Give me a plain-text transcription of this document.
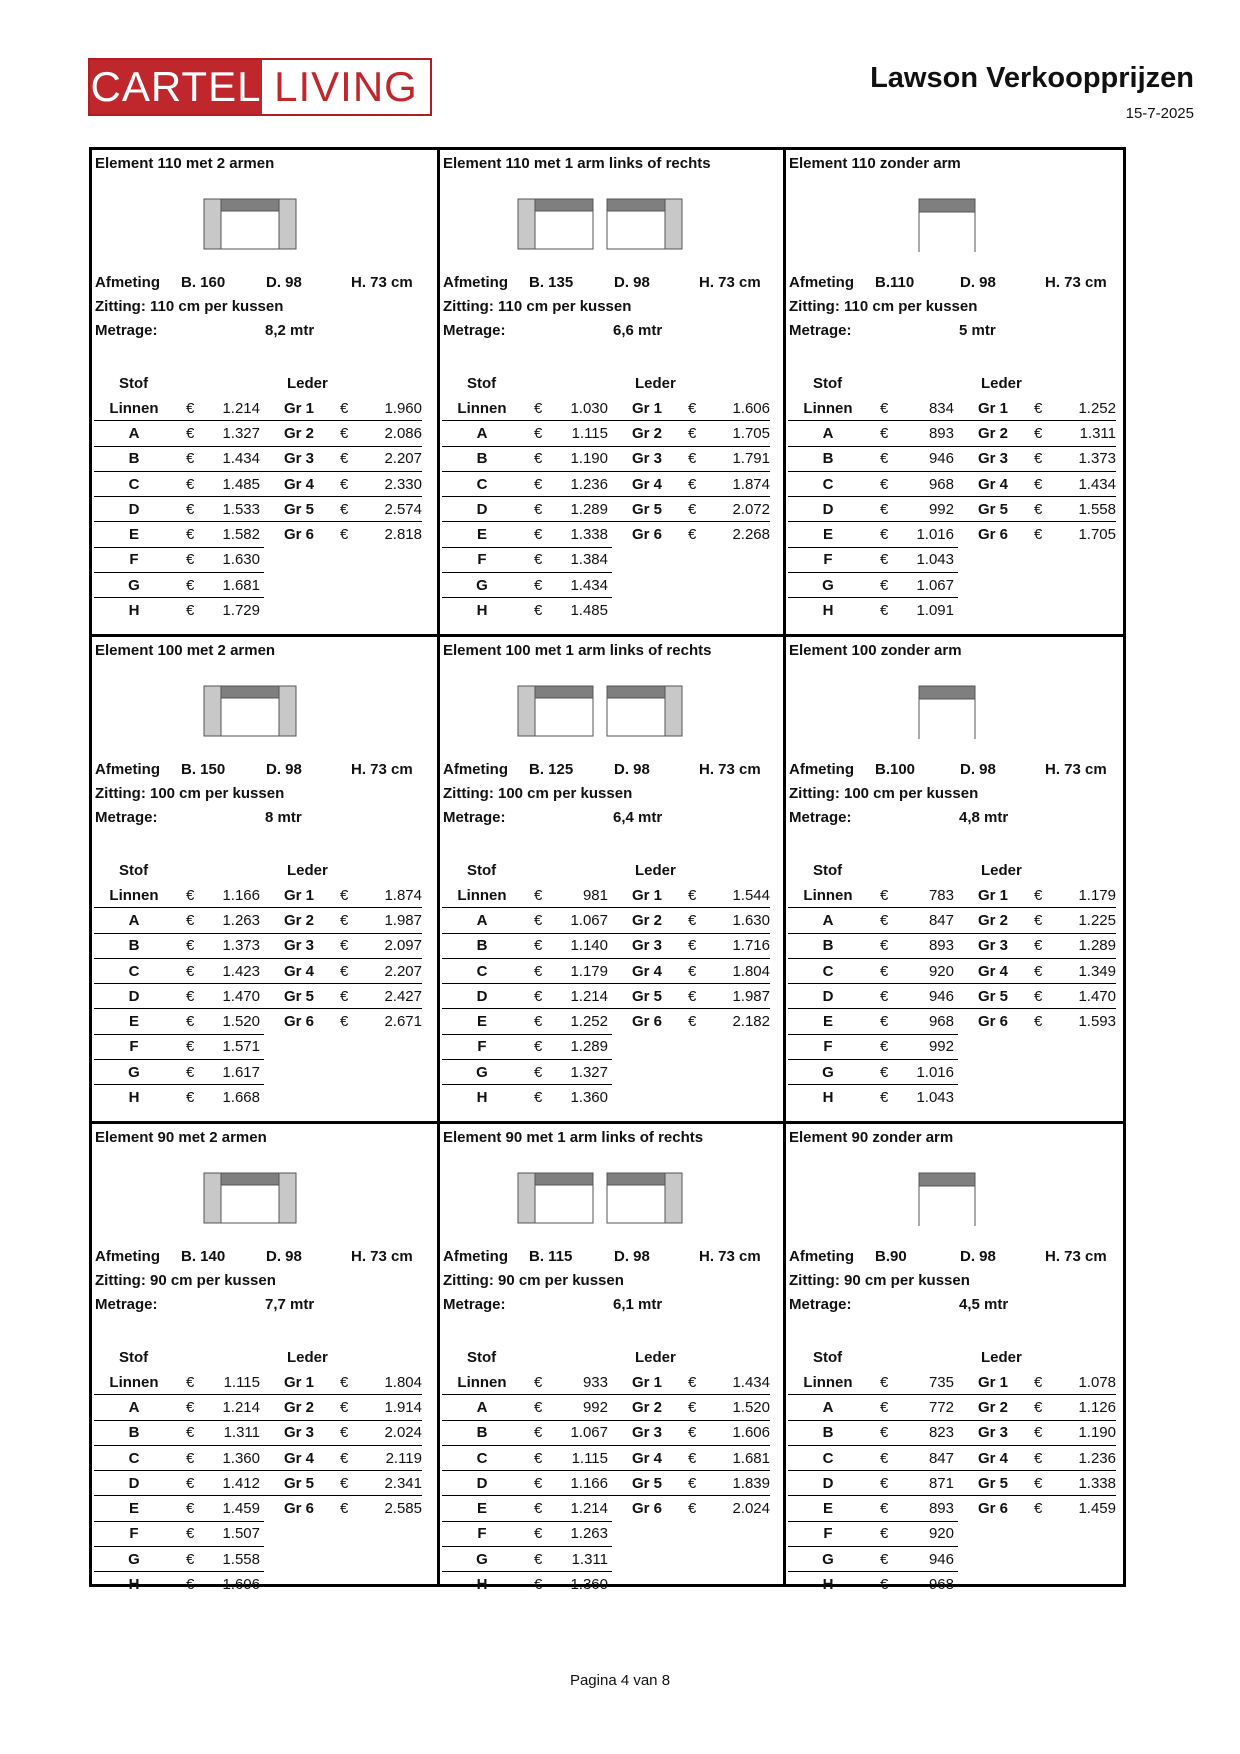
CARTEL LIVING	Lawson Verkoopprijzen
15-7-2025
Element 110 met 2 armen
Afmeting B. 160	D. 98	H. 73 cm
Zitting: 110 cm per kussen
Metrage:	8,2 mtr
Stof	Leder
Linnen	€	1.214	Gr 1	€	1.960
A	€	1.327	Gr 2	€	2.086
B	€	1.434	Gr 3	€	2.207
C	€	1.485	Gr 4	€	2.330
D	€	1.533	Gr 5	€	2.574
E	€	1.582	Gr 6	€	2.818
F	€	1.630			
G	€	1.681			
H	€	1.729			
Element 110 met 1 arm links of rechts
Afmeting B. 135	D. 98	H. 73 cm
Zitting: 110 cm per kussen
Metrage:	6,6 mtr
Stof	Leder
Linnen	€	1.030	Gr 1	€	1.606
A	€	1.115	Gr 2	€	1.705
B	€	1.190	Gr 3	€	1.791
C	€	1.236	Gr 4	€	1.874
D	€	1.289	Gr 5	€	2.072
E	€	1.338	Gr 6	€	2.268
F	€	1.384			
G	€	1.434			
H	€	1.485			
Element 110 zonder arm
Afmeting B.110	D. 98	H. 73 cm
Zitting: 110 cm per kussen
Metrage:	5 mtr
Stof	Leder
Linnen	€	834	Gr 1	€	1.252
A	€	893	Gr 2	€	1.311
B	€	946	Gr 3	€	1.373
C	€	968	Gr 4	€	1.434
D	€	992	Gr 5	€	1.558
E	€	1.016	Gr 6	€	1.705
F	€	1.043			
G	€	1.067			
H	€	1.091			
Element 100 met 2 armen
Afmeting B. 150	D. 98	H. 73 cm
Zitting: 100 cm per kussen
Metrage:	8 mtr
Stof	Leder
Linnen	€	1.166	Gr 1	€	1.874
A	€	1.263	Gr 2	€	1.987
B	€	1.373	Gr 3	€	2.097
C	€	1.423	Gr 4	€	2.207
D	€	1.470	Gr 5	€	2.427
E	€	1.520	Gr 6	€	2.671
F	€	1.571			
G	€	1.617			
H	€	1.668			
Element 100 met 1 arm links of rechts
Afmeting B. 125	D. 98	H. 73 cm
Zitting: 100 cm per kussen
Metrage:	6,4 mtr
Stof	Leder
Linnen	€	981	Gr 1	€	1.544
A	€	1.067	Gr 2	€	1.630
B	€	1.140	Gr 3	€	1.716
C	€	1.179	Gr 4	€	1.804
D	€	1.214	Gr 5	€	1.987
E	€	1.252	Gr 6	€	2.182
F	€	1.289			
G	€	1.327			
H	€	1.360			
Element 100 zonder arm
Afmeting B.100	D. 98	H. 73 cm
Zitting: 100 cm per kussen
Metrage:	4,8 mtr
Stof	Leder
Linnen	€	783	Gr 1	€	1.179
A	€	847	Gr 2	€	1.225
B	€	893	Gr 3	€	1.289
C	€	920	Gr 4	€	1.349
D	€	946	Gr 5	€	1.470
E	€	968	Gr 6	€	1.593
F	€	992			
G	€	1.016			
H	€	1.043			
Element 90 met 2 armen
Afmeting B. 140	D. 98	H. 73 cm
Zitting: 90 cm per kussen
Metrage:	7,7 mtr
Stof	Leder
Linnen	€	1.115	Gr 1	€	1.804
A	€	1.214	Gr 2	€	1.914
B	€	1.311	Gr 3	€	2.024
C	€	1.360	Gr 4	€	2.119
D	€	1.412	Gr 5	€	2.341
E	€	1.459	Gr 6	€	2.585
F	€	1.507			
G	€	1.558			
H	€	1.606			
Element 90 met 1 arm links of rechts
Afmeting B. 115	D. 98	H. 73 cm
Zitting: 90 cm per kussen
Metrage:	6,1 mtr
Stof	Leder
Linnen	€	933	Gr 1	€	1.434
A	€	992	Gr 2	€	1.520
B	€	1.067	Gr 3	€	1.606
C	€	1.115	Gr 4	€	1.681
D	€	1.166	Gr 5	€	1.839
E	€	1.214	Gr 6	€	2.024
F	€	1.263			
G	€	1.311			
H	€	1.360			
Element 90 zonder arm
Afmeting B.90	D. 98	H. 73 cm
Zitting: 90 cm per kussen
Metrage:	4,5 mtr
Stof	Leder
Linnen	€	735	Gr 1	€	1.078
A	€	772	Gr 2	€	1.126
B	€	823	Gr 3	€	1.190
C	€	847	Gr 4	€	1.236
D	€	871	Gr 5	€	1.338
E	€	893	Gr 6	€	1.459
F	€	920			
G	€	946			
H	€	968			
Pagina 4 van 8
